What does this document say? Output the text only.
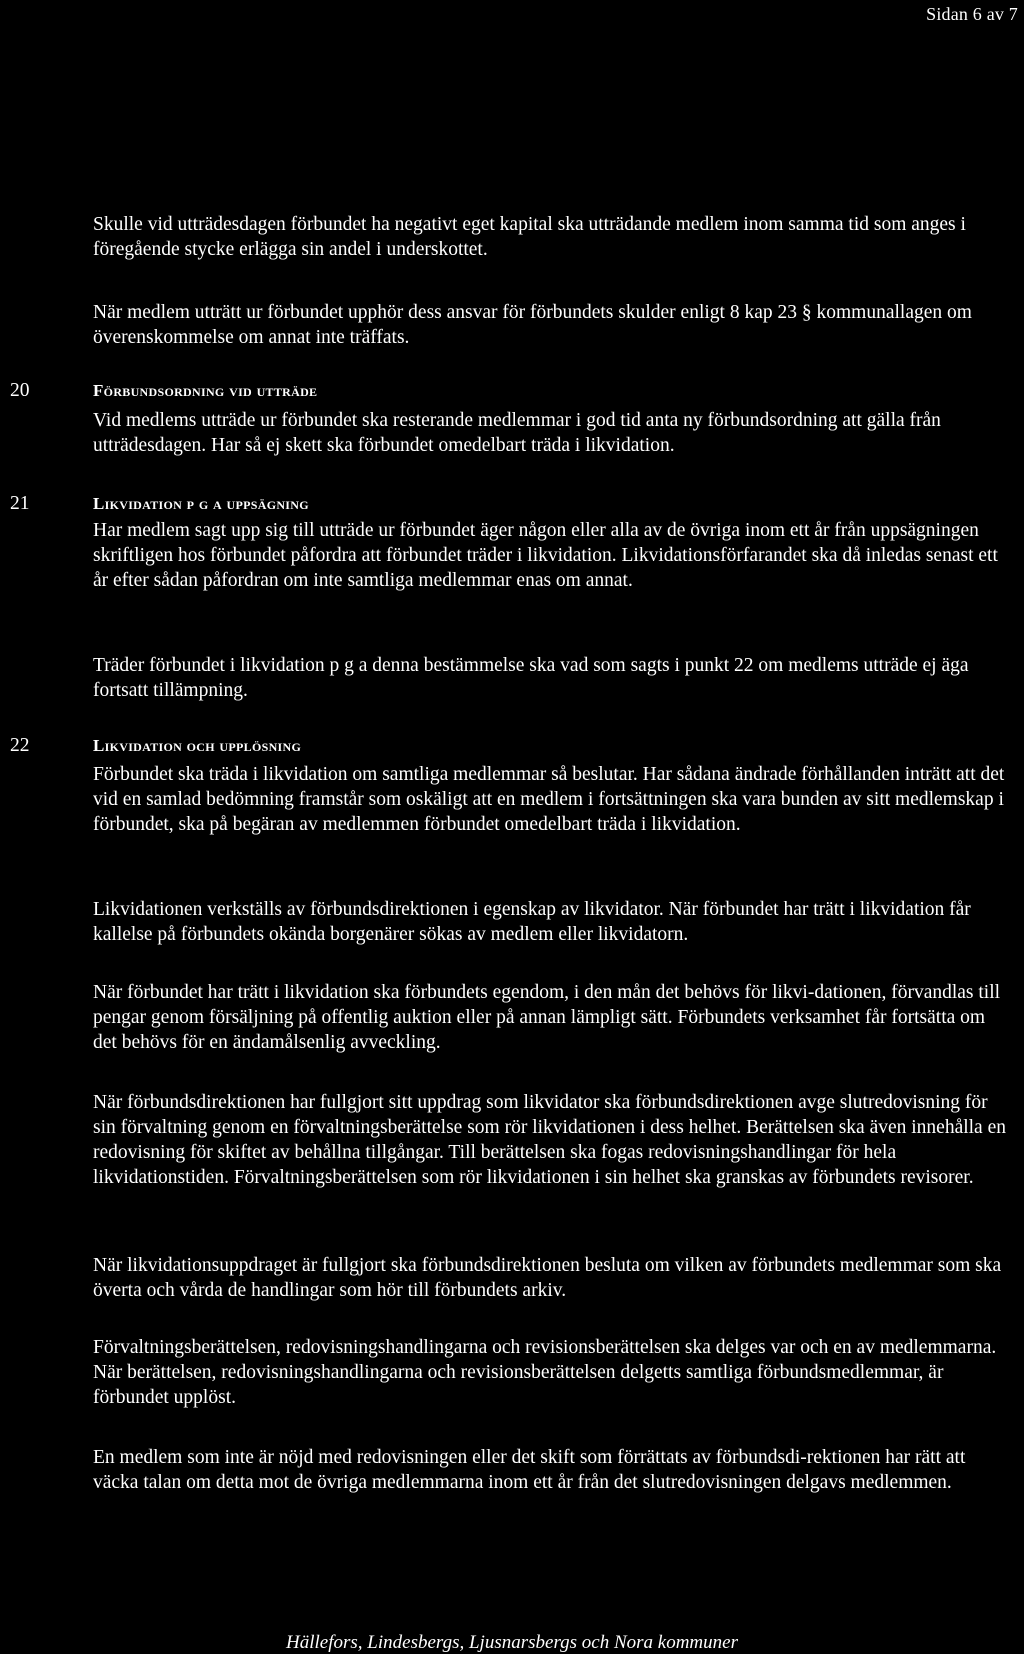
Sidan 6 av 7

Skulle vid utträdesdagen förbundet ha negativt eget kapital ska utträdande medlem inom samma tid som anges i föregående stycke erlägga sin andel i underskottet.

När medlem utträtt ur förbundet upphör dess ansvar för förbundets skulder enligt 8 kap 23 § kommunallagen om överenskommelse om annat inte träffats.

20	Förbundsordning vid utträde

Vid medlems utträde ur förbundet ska resterande medlemmar i god tid anta ny förbundsordning att gälla från utträdesdagen. Har så ej skett ska förbundet omedelbart träda i likvidation.

21	Likvidation p g a uppsägning

Har medlem sagt upp sig till utträde ur förbundet äger någon eller alla av de övriga inom ett år från uppsägningen skriftligen hos förbundet påfordra att förbundet träder i likvidation. Likvidationsförfarandet ska då inledas senast ett år efter sådan påfordran om inte samtliga medlemmar enas om annat.

Träder förbundet i likvidation p g a denna bestämmelse ska vad som sagts i punkt 22 om medlems utträde ej äga fortsatt tillämpning.

22	Likvidation och upplösning

Förbundet ska träda i likvidation om samtliga medlemmar så beslutar. Har sådana ändrade förhållanden inträtt att det vid en samlad bedömning framstår som oskäligt att en medlem i fortsättningen ska vara bunden av sitt medlemskap i förbundet, ska på begäran av medlemmen förbundet omedelbart träda i likvidation.

Likvidationen verkställs av förbundsdirektionen i egenskap av likvidator. När förbundet har trätt i likvidation får kallelse på förbundets okända borgenärer sökas av medlem eller likvidatorn.

När förbundet har trätt i likvidation ska förbundets egendom, i den mån det behövs för likvi-dationen, förvandlas till pengar genom försäljning på offentlig auktion eller på annan lämpligt sätt. Förbundets verksamhet får fortsätta om det behövs för en ändamålsenlig avveckling.

När förbundsdirektionen har fullgjort sitt uppdrag som likvidator ska förbundsdirektionen avge slutredovisning för sin förvaltning genom en förvaltningsberättelse som rör likvidationen i dess helhet. Berättelsen ska även innehålla en redovisning för skiftet av behållna tillgångar. Till berättelsen ska fogas redovisningshandlingar för hela likvidationstiden. Förvaltningsberättelsen som rör likvidationen i sin helhet ska granskas av förbundets revisorer.

När likvidationsuppdraget är fullgjort ska förbundsdirektionen besluta om vilken av förbundets medlemmar som ska överta och vårda de handlingar som hör till förbundets arkiv.

Förvaltningsberättelsen, redovisningshandlingarna och revisionsberättelsen ska delges var och en av medlemmarna. När berättelsen, redovisningshandlingarna och revisionsberättelsen delgetts samtliga förbundsmedlemmar, är förbundet upplöst.

En medlem som inte är nöjd med redovisningen eller det skift som förrättats av förbundsdi-rektionen har rätt att väcka talan om detta mot de övriga medlemmarna inom ett år från det slutredovisningen delgavs medlemmen.

Hällefors, Lindesbergs, Ljusnarsbergs och Nora kommuner
